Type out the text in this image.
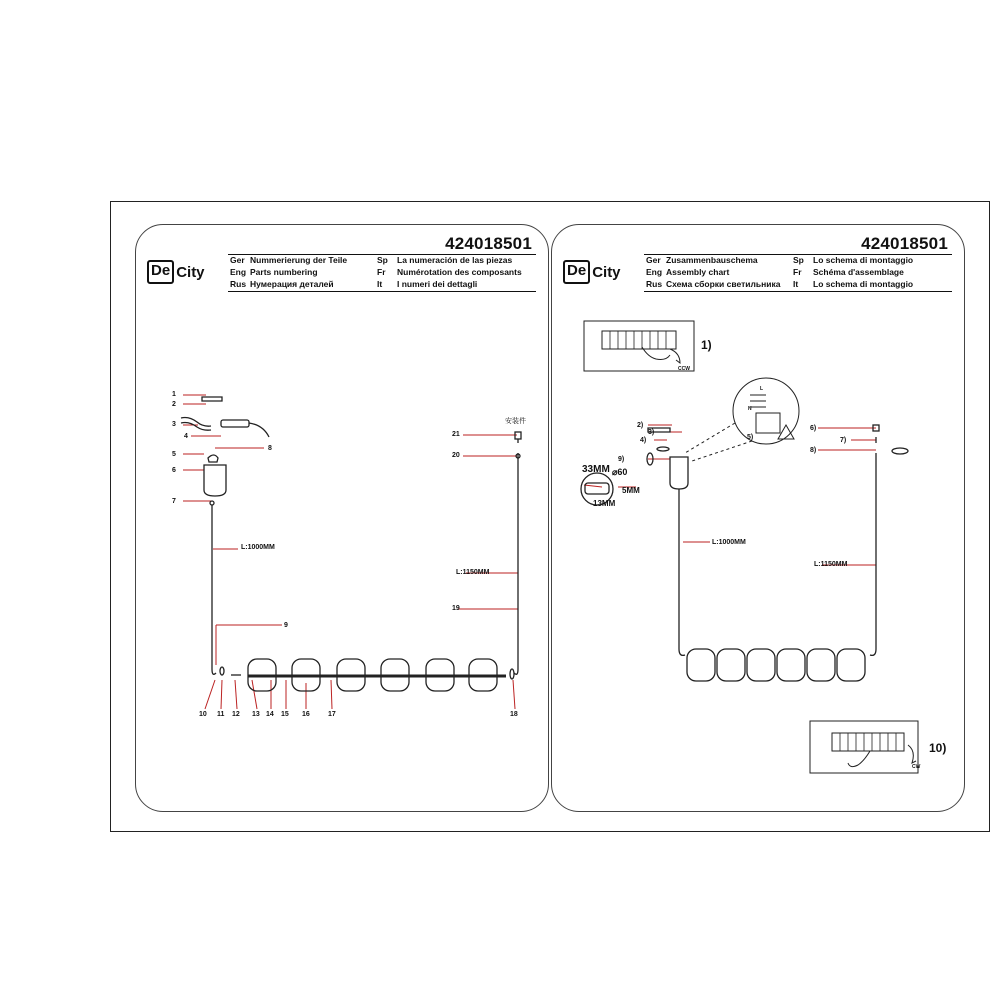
424018501
De City
Ger Nummerierung der Teile	Sp	La numeración de las piezas
Eng Parts numbering	Fr	Numérotation des composants
Rus Нумерация деталей	It	I numeri dei dettagli
1
2
3
4
5
6
7
8
9
10 11 12 13 14 15 16	17	18
19
20
21
L:1000MM
L:1150MM
安装件
424018501
De City
Ger Zusammenbauschema	Sp	Lo schema di montaggio
Eng Assembly chart	Fr	Schéma d'assemblage
Rus Схема сборки светильника	It	Lo schema di montaggio
1)
2)
3)
4)	5)
6)
7)
8)
9)
10)
CCW
CW
L
N
33MM ⌀60
5MM
13MM
L:1000MM
L:1150MM
